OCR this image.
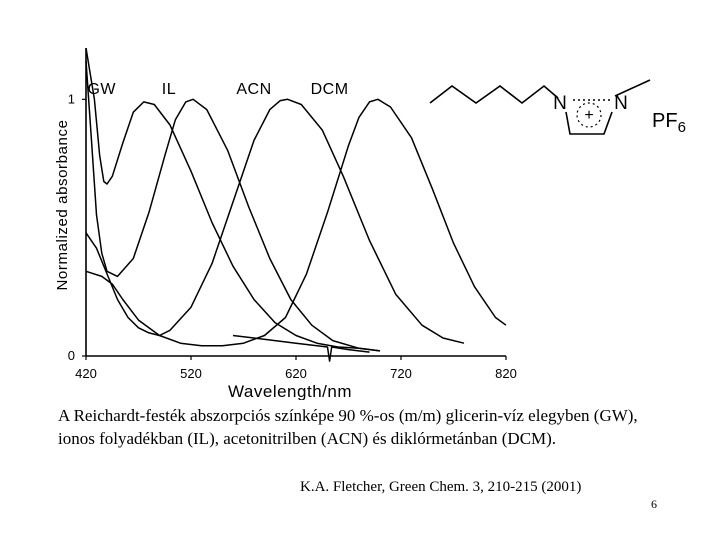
420	520	620	720	820
0
1
GW	IL	ACN DCM
Wavelength/nm
Normalized absorbance
N
+
N
$PF_6$
A Reichardt-festék abszorpciós színképe 90 %-os (m/m) glicerin-víz elegyben (GW), ionos folyadékban (IL), acetonitrilben (ACN) és diklórmetánban (DCM).
K.A. Fletcher, Green Chem. 3, 210-215 (2001)
6
